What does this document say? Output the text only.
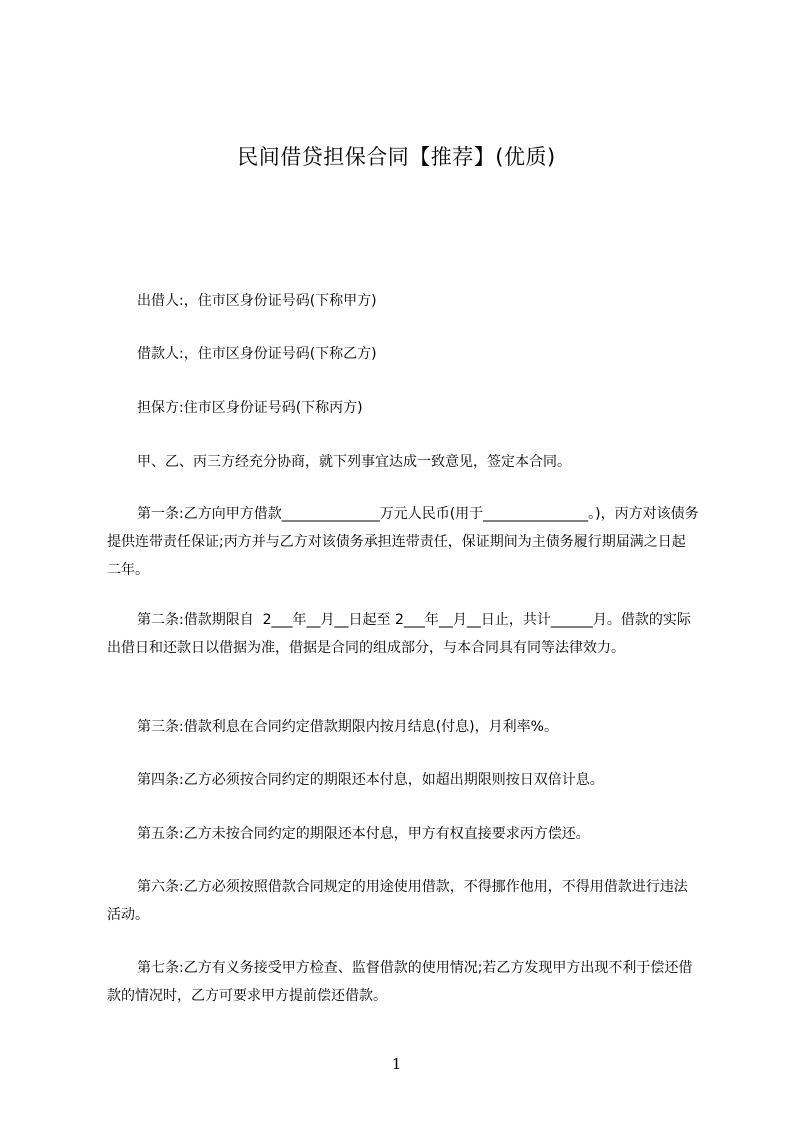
民间借贷担保合同【推荐】(优质)

出借人:，住市区身份证号码(下称甲方)

借款人:，住市区身份证号码(下称乙方)

担保方:住市区身份证号码(下称丙方)

甲、乙、丙三方经充分协商，就下列事宜达成一致意见，签定本合同。

第一条:乙方向甲方借款______________万元人民币(用于_______________。)，丙方对该债务提供连带责任保证;丙方并与乙方对该债务承担连带责任，保证期间为主债务履行期届满之日起二年。

第二条:借款期限自  2___年__月__日起至 2___年__月__日止，共计______月。借款的实际出借日和还款日以借据为准，借据是合同的组成部分，与本合同具有同等法律效力。

第三条:借款利息在合同约定借款期限内按月结息(付息)，月利率%。

第四条:乙方必须按合同约定的期限还本付息，如超出期限则按日双倍计息。

第五条:乙方未按合同约定的期限还本付息，甲方有权直接要求丙方偿还。

第六条:乙方必须按照借款合同规定的用途使用借款，不得挪作他用，不得用借款进行违法活动。

第七条:乙方有义务接受甲方检查、监督借款的使用情况;若乙方发现甲方出现不利于偿还借款的情况时，乙方可要求甲方提前偿还借款。

1
